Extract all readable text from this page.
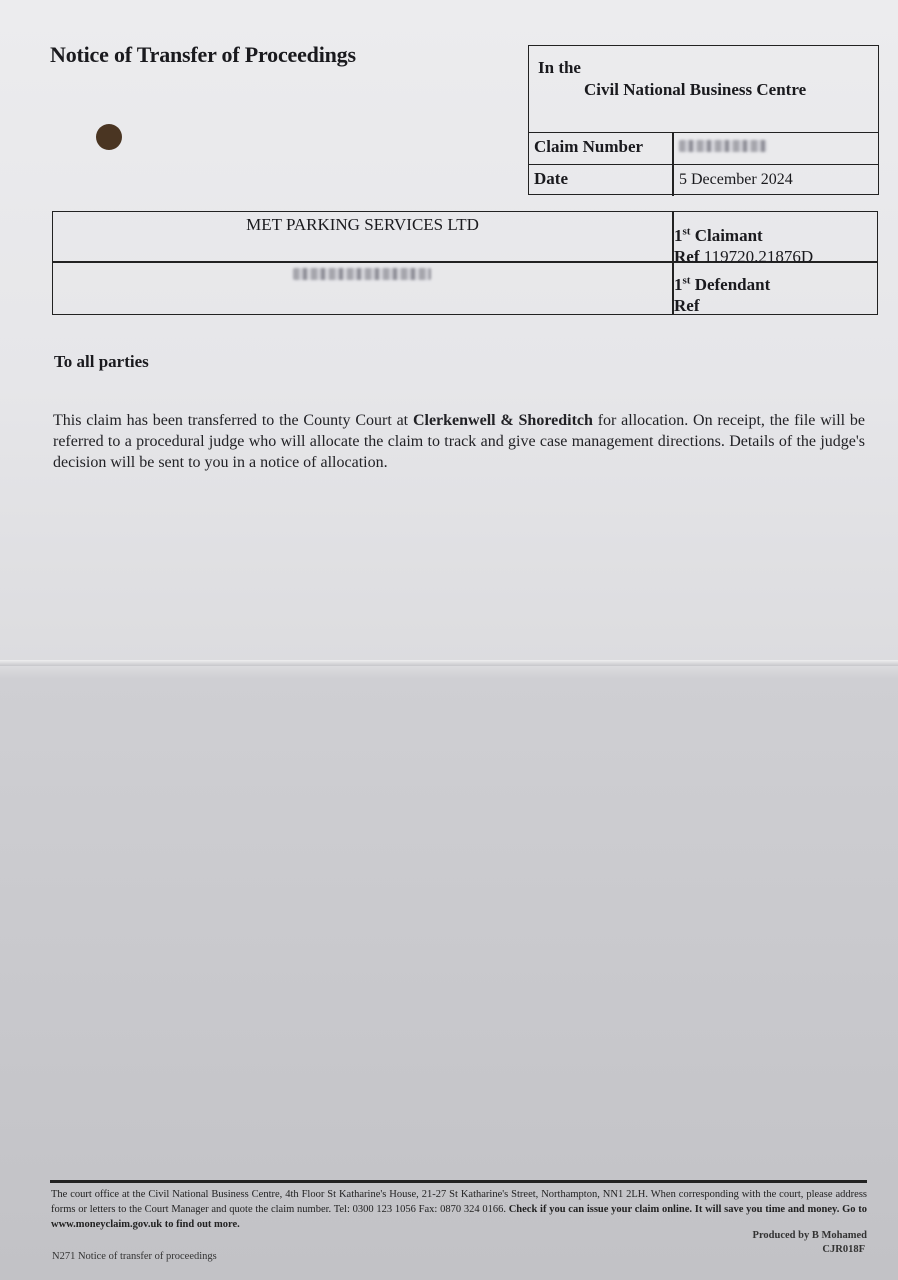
Notice of Transfer of Proceedings
In the
Civil National Business Centre
Claim Number
Date	5 December 2024
MET PARKING SERVICES LTD
1st Claimant
Ref 119720.21876D
1st Defendant
Ref
To all parties
This claim has been transferred to the County Court at Clerkenwell & Shoreditch for allocation. On receipt, the file will be referred to a procedural judge who will allocate the claim to track and give case management directions. Details of the judge's decision will be sent to you in a notice of allocation.
The court office at the Civil National Business Centre, 4th Floor St Katharine's House, 21-27 St Katharine's Street, Northampton, NN1 2LH. When corresponding with the court, please address forms or letters to the Court Manager and quote the claim number. Tel: 0300 123 1056 Fax: 0870 324 0166. Check if you can issue your claim online. It will save you time and money. Go to www.moneyclaim.gov.uk to find out more.
Produced by B Mohamed
CJR018F
N271 Notice of transfer of proceedings
